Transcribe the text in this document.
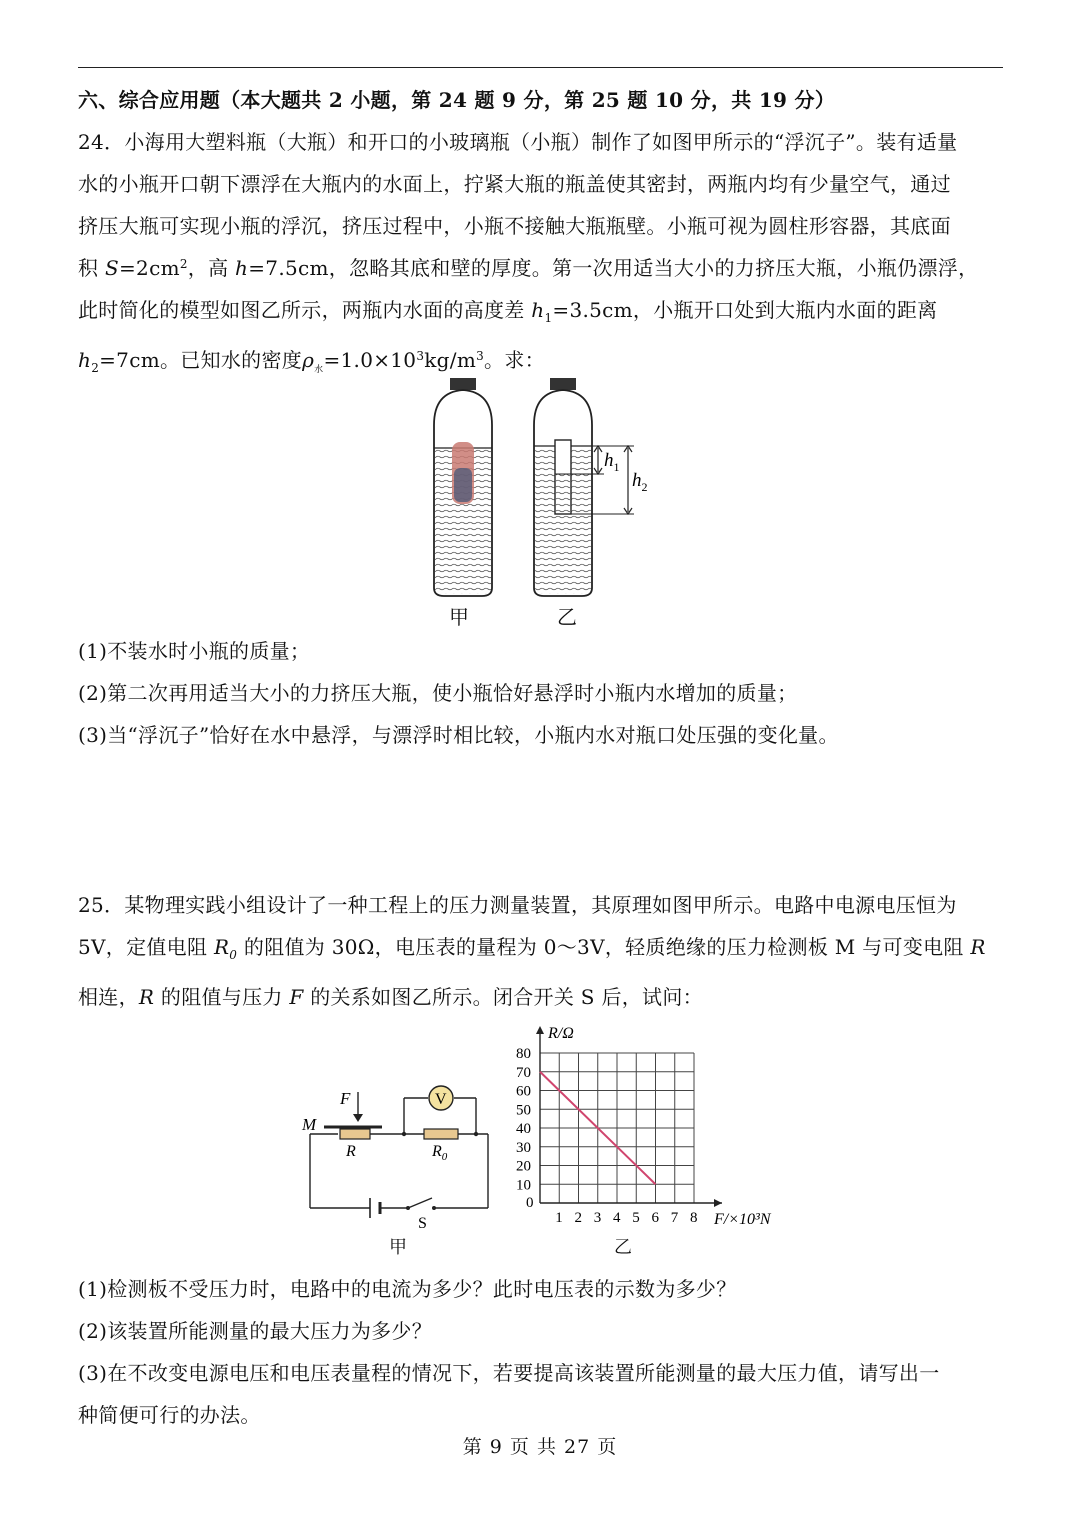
六、综合应用题（本大题共 2 小题，第 24 题 9 分，第 25 题 10 分，共 19 分）
24．小海用大塑料瓶（大瓶）和开口的小玻璃瓶（小瓶）制作了如图甲所示的“浮沉子”。装有适量
水的小瓶开口朝下漂浮在大瓶内的水面上，拧紧大瓶的瓶盖使其密封，两瓶内均有少量空气，通过
挤压大瓶可实现小瓶的浮沉，挤压过程中，小瓶不接触大瓶瓶壁。小瓶可视为圆柱形容器，其底面
积 $S=2cm^2$，高 h=7.5cm，忽略其底和壁的厚度。第一次用适当大小的力挤压大瓶，小瓶仍漂浮，
此时简化的模型如图乙所示，两瓶内水面的高度差 $h_1=3.5cm$，小瓶开口处到大瓶内水面的距离
$h_2=7cm$。已知水的密度$\rho_水=1.0\times 10^3kg/m^3$。求：
$h_1$
$h_2$
甲	乙
(1)不装水时小瓶的质量；
(2)第二次再用适当大小的力挤压大瓶，使小瓶恰好悬浮时小瓶内水增加的质量；
(3)当“浮沉子”恰好在水中悬浮，与漂浮时相比较，小瓶内水对瓶口处压强的变化量。
25．某物理实践小组设计了一种工程上的压力测量装置，其原理如图甲所示。电路中电源电压恒为
5V，定值电阻 $R_0$ 的阻值为 30Ω，电压表的量程为 0～3V，轻质绝缘的压力检测板 M 与可变电阻 R
相连，R 的阻值与压力 F 的关系如图乙所示。闭合开关 S 后，试问：
V
F
M
R	$R_0$
S
甲
1 2 3 4 5 6 7 8
10
20
30
40
50
60
70
80
0
R/Ω
F/×10³N
乙
(1)检测板不受压力时，电路中的电流为多少？此时电压表的示数为多少？
(2)该装置所能测量的最大压力为多少？
(3)在不改变电源电压和电压表量程的情况下，若要提高该装置所能测量的最大压力值，请写出一
种简便可行的办法。
第 9 页 共 27 页
